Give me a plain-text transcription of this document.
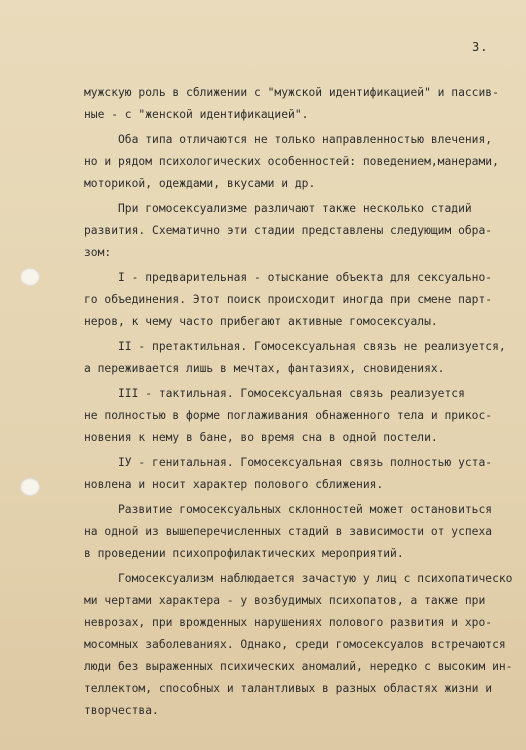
3.
мужскую роль в сближении с "мужской идентификацией" и пассив-
ные - с "женской идентификацией".
Оба типа отличаются не только направленностью влечения,
но и рядом психологических особенностей: поведением,манерами,
моторикой, одеждами, вкусами и др.
При гомосексуализме различают также несколько стадий
развития. Схематично эти стадии представлены следующим обра-
зом:
I - предварительная - отыскание объекта для сексуально-
го объединения. Этот поиск происходит иногда при смене парт-
неров, к чему часто прибегают активные гомосексуалы.
II - претактильная. Гомосексуальная связь не реализуется,
а переживается лишь в мечтах, фантазиях, сновидениях.
III - тактильная. Гомосексуальная связь реализуется
не полностью в форме поглаживания обнаженного тела и прикос-
новения к нему в бане, во время сна в одной постели.
IУ - генитальная. Гомосексуальная связь полностью уста-
новлена и носит характер полового сближения.
Развитие гомосексуальных склонностей может остановиться
на одной из вышеперечисленных стадий в зависимости от успеха
в проведении психопрофилактических мероприятий.
Гомосексуализм наблюдается зачастую у лиц с психопатическо
ми чертами характера - у возбудимых психопатов, а также при
неврозах, при врожденных нарушениях полового развития и хро-
мосомных заболеваниях. Однако, среди гомосексуалов встречаются
люди без выраженных психических аномалий, нередко с высоким ин-
теллектом, способных и талантливых в разных областях жизни и
творчества.
